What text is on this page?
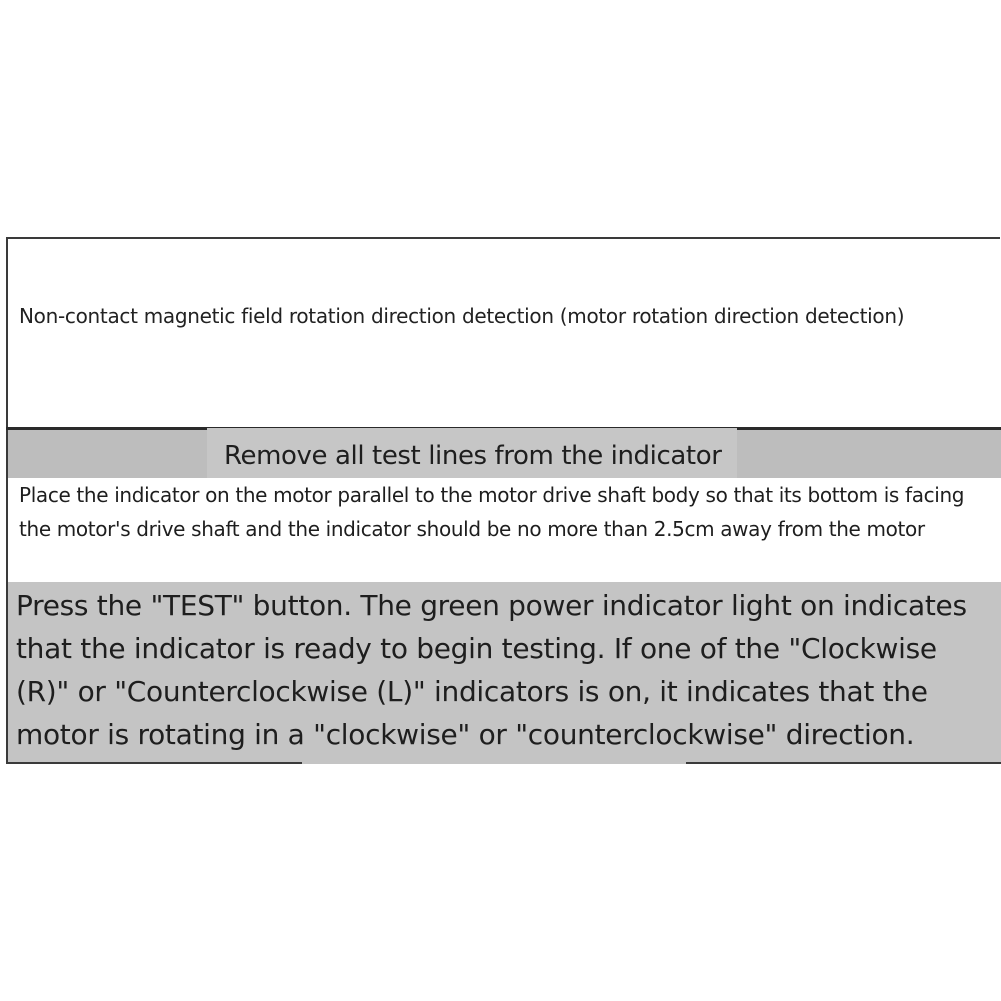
Non-contact magnetic field rotation direction detection (motor rotation direction detection)
Remove all test lines from the indicator
Place the indicator on the motor parallel to the motor drive shaft body so that its bottom is facing the motor's drive shaft and the indicator should be no more than 2.5cm away from the motor
Press the "TEST" button. The green power indicator light on indicates that the indicator is ready to begin testing. If one of the "Clockwise (R)" or "Counterclockwise (L)" indicators is on, it indicates that the motor is rotating in a "clockwise" or "counterclockwise" direction.
